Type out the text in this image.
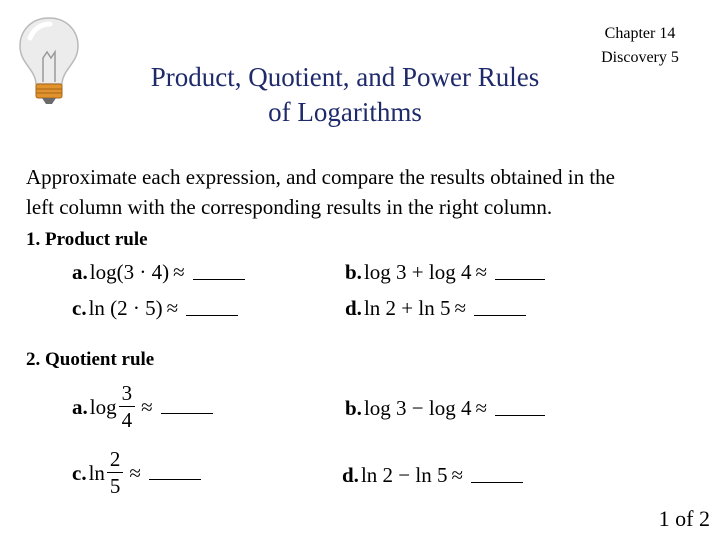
Product, Quotient, and Power Rules
of Logarithms
Chapter 14
Discovery 5
Approximate each expression, and compare the results obtained in the
left column with the corresponding results in the right column.
1. Product rule
a. log(3 · 4) ≈	b. log 3 + log 4 ≈
c. ln (2 · 5) ≈	d. ln 2 + ln 5 ≈
2. Quotient rule
a. $\log \frac{3}{4}$ ≈	b. log 3 − log 4 ≈
c. $\ln \frac{2}{5}$ ≈	d. ln 2 − ln 5 ≈
1 of 2
